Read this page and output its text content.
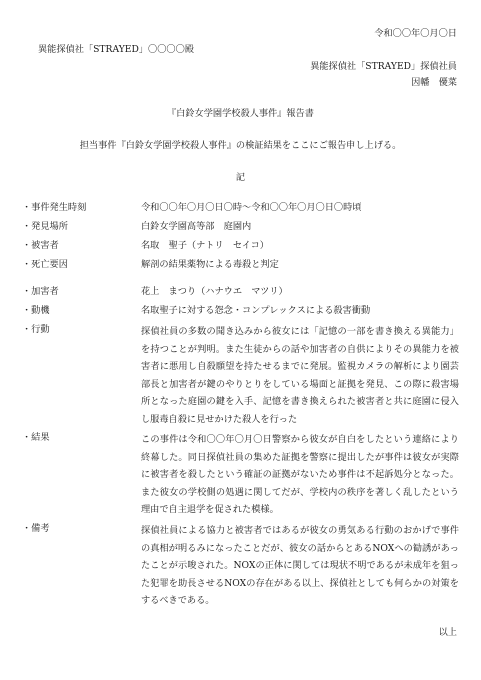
令和〇〇年〇月〇日
異能探偵社「STRAYED」〇〇〇〇殿
異能探偵社「STRAYED」探偵社員
因幡　優菜
『白鈴女学園学校殺人事件』報告書
担当事件『白鈴女学園学校殺人事件』の検証結果をここにご報告申し上げる。
記
・事件発生時刻	令和〇〇年〇月〇日〇時〜令和〇〇年〇月〇日〇時頃
・発見場所	白鈴女学園高等部　庭園内
・被害者	名取　聖子（ナトリ　セイコ）
・死亡要因	解剖の結果薬物による毒殺と判定
・加害者	花上　まつり（ハナウエ　マツリ）
・動機	名取聖子に対する怨念・コンプレックスによる殺害衝動
・行動	探偵社員の多数の聞き込みから彼女には「記憶の一部を書き換える異能力」を持つことが判明。また生徒からの話や加害者の自供によりその異能力を被害者に悪用し自殺願望を持たせるまでに発展。監視カメラの解析により園芸部長と加害者が鍵のやりとりをしている場面と証拠を発見、この際に殺害場所となった庭園の鍵を入手、記憶を書き換えられた被害者と共に庭園に侵入し服毒自殺に見せかけた殺人を行った
・結果	この事件は令和〇〇年〇月〇日警察から彼女が自白をしたという連絡により終幕した。同日探偵社員の集めた証拠を警察に提出したが事件は彼女が実際に被害者を殺したという確証の証拠がないため事件は不起訴処分となった。また彼女の学校側の処遇に関してだが、学校内の秩序を著しく乱したという理由で自主退学を促された模様。
・備考	探偵社員による協力と被害者ではあるが彼女の勇気ある行動のおかげで事件の真相が明るみになったことだが、彼女の話からとあるNOXへの勧誘があったことが示唆された。NOXの正体に関しては現状不明であるが未成年を狙った犯罪を助長させるNOXの存在がある以上、探偵社としても何らかの対策をするべきである。
以上
